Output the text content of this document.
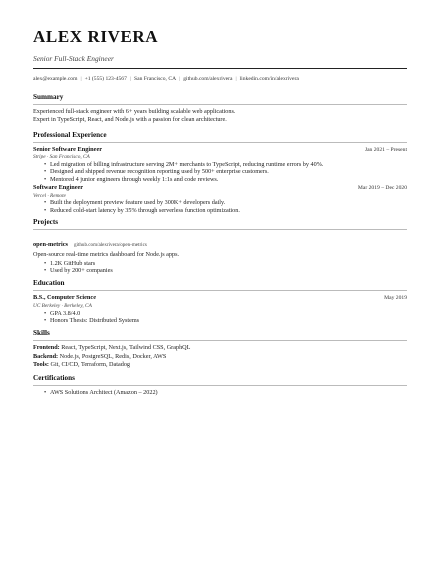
ALEX RIVERA
Senior Full-Stack Engineer
alex@example.com | +1 (555) 123-4567 | San Francisco, CA | github.com/alexrivera | linkedin.com/in/alexrivera
Summary
Experienced full-stack engineer with 6+ years building scalable web applications.
Expert in TypeScript, React, and Node.js with a passion for clean architecture.
Professional Experience
Senior Software Engineer	Jan 2021 – Present
Stripe · San Francisco, CA
• Led migration of billing infrastructure serving 2M+ merchants to TypeScript, reducing runtime errors by 40%.
• Designed and shipped revenue recognition reporting used by 500+ enterprise customers.
• Mentored 4 junior engineers through weekly 1:1s and code reviews.
Software Engineer	Mar 2019 – Dec 2020
Vercel · Remote
• Built the deployment preview feature used by 300K+ developers daily.
• Reduced cold-start latency by 35% through serverless function optimization.
Projects
open-metrics github.com/alexrivera/open-metrics
Open-source real-time metrics dashboard for Node.js apps.
• 1.2K GitHub stars
• Used by 200+ companies
Education
B.S., Computer Science	May 2019
UC Berkeley · Berkeley, CA
• GPA 3.8/4.0
• Honors Thesis: Distributed Systems
Skills
Frontend: React, TypeScript, Next.js, Tailwind CSS, GraphQL
Backend: Node.js, PostgreSQL, Redis, Docker, AWS
Tools: Git, CI/CD, Terraform, Datadog
Certifications
• AWS Solutions Architect (Amazon – 2022)
